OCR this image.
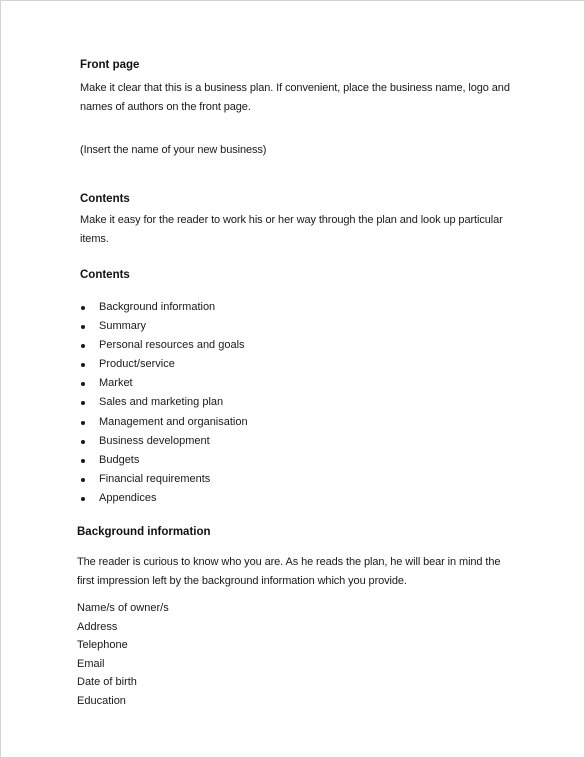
Front page
Make it clear that this is a business plan. If convenient, place the business name, logo and names of authors on the front page.
(Insert the name of your new business)
Contents
Make it easy for the reader to work his or her way through the plan and look up particular items.
Contents
Background information
Summary
Personal resources and goals
Product/service
Market
Sales and marketing plan
Management and organisation
Business development
Budgets
Financial requirements
Appendices
Background information
The reader is curious to know who you are. As he reads the plan, he will bear in mind the first impression left by the background information which you provide.
Name/s of owner/s
Address
Telephone
Email
Date of birth
Education
